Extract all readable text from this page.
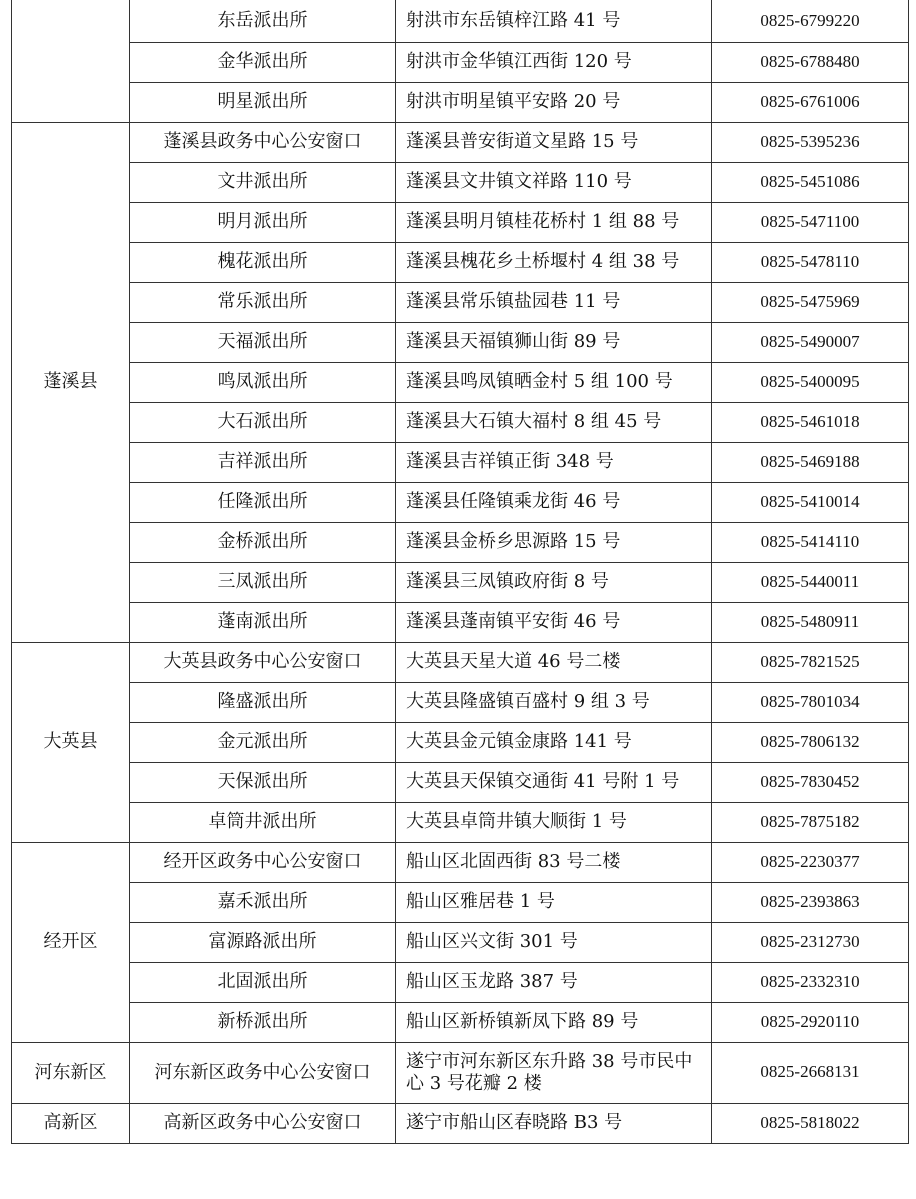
	东岳派出所	射洪市东岳镇梓江路 41 号	0825-6799220
	金华派出所	射洪市金华镇江西街 120 号	0825-6788480
	明星派出所	射洪市明星镇平安路 20 号	0825-6761006
蓬溪县	蓬溪县政务中心公安窗口	蓬溪县普安街道文星路 15 号	0825-5395236
	文井派出所	蓬溪县文井镇文祥路 110 号	0825-5451086
	明月派出所	蓬溪县明月镇桂花桥村 1 组 88 号	0825-5471100
	槐花派出所	蓬溪县槐花乡土桥堰村 4 组 38 号	0825-5478110
	常乐派出所	蓬溪县常乐镇盐园巷 11 号	0825-5475969
	天福派出所	蓬溪县天福镇狮山街 89 号	0825-5490007
	鸣凤派出所	蓬溪县鸣凤镇晒金村 5 组 100 号	0825-5400095
	大石派出所	蓬溪县大石镇大福村 8 组 45 号	0825-5461018
	吉祥派出所	蓬溪县吉祥镇正街 348 号	0825-5469188
	任隆派出所	蓬溪县任隆镇乘龙街 46 号	0825-5410014
	金桥派出所	蓬溪县金桥乡思源路 15 号	0825-5414110
	三凤派出所	蓬溪县三凤镇政府街 8 号	0825-5440011
	蓬南派出所	蓬溪县蓬南镇平安街 46 号	0825-5480911
大英县	大英县政务中心公安窗口	大英县天星大道 46 号二楼	0825-7821525
	隆盛派出所	大英县隆盛镇百盛村 9 组 3 号	0825-7801034
	金元派出所	大英县金元镇金康路 141 号	0825-7806132
	天保派出所	大英县天保镇交通街 41 号附 1 号	0825-7830452
	卓筒井派出所	大英县卓筒井镇大顺街 1 号	0825-7875182
经开区	经开区政务中心公安窗口	船山区北固西街 83 号二楼	0825-2230377
	嘉禾派出所	船山区雅居巷 1 号	0825-2393863
	富源路派出所	船山区兴文街 301 号	0825-2312730
	北固派出所	船山区玉龙路 387 号	0825-2332310
	新桥派出所	船山区新桥镇新凤下路 89 号	0825-2920110
河东新区	河东新区政务中心公安窗口	遂宁市河东新区东升路 38 号市民中心 3 号花瓣 2 楼	0825-2668131
高新区	高新区政务中心公安窗口	遂宁市船山区春晓路 B3 号	0825-5818022
